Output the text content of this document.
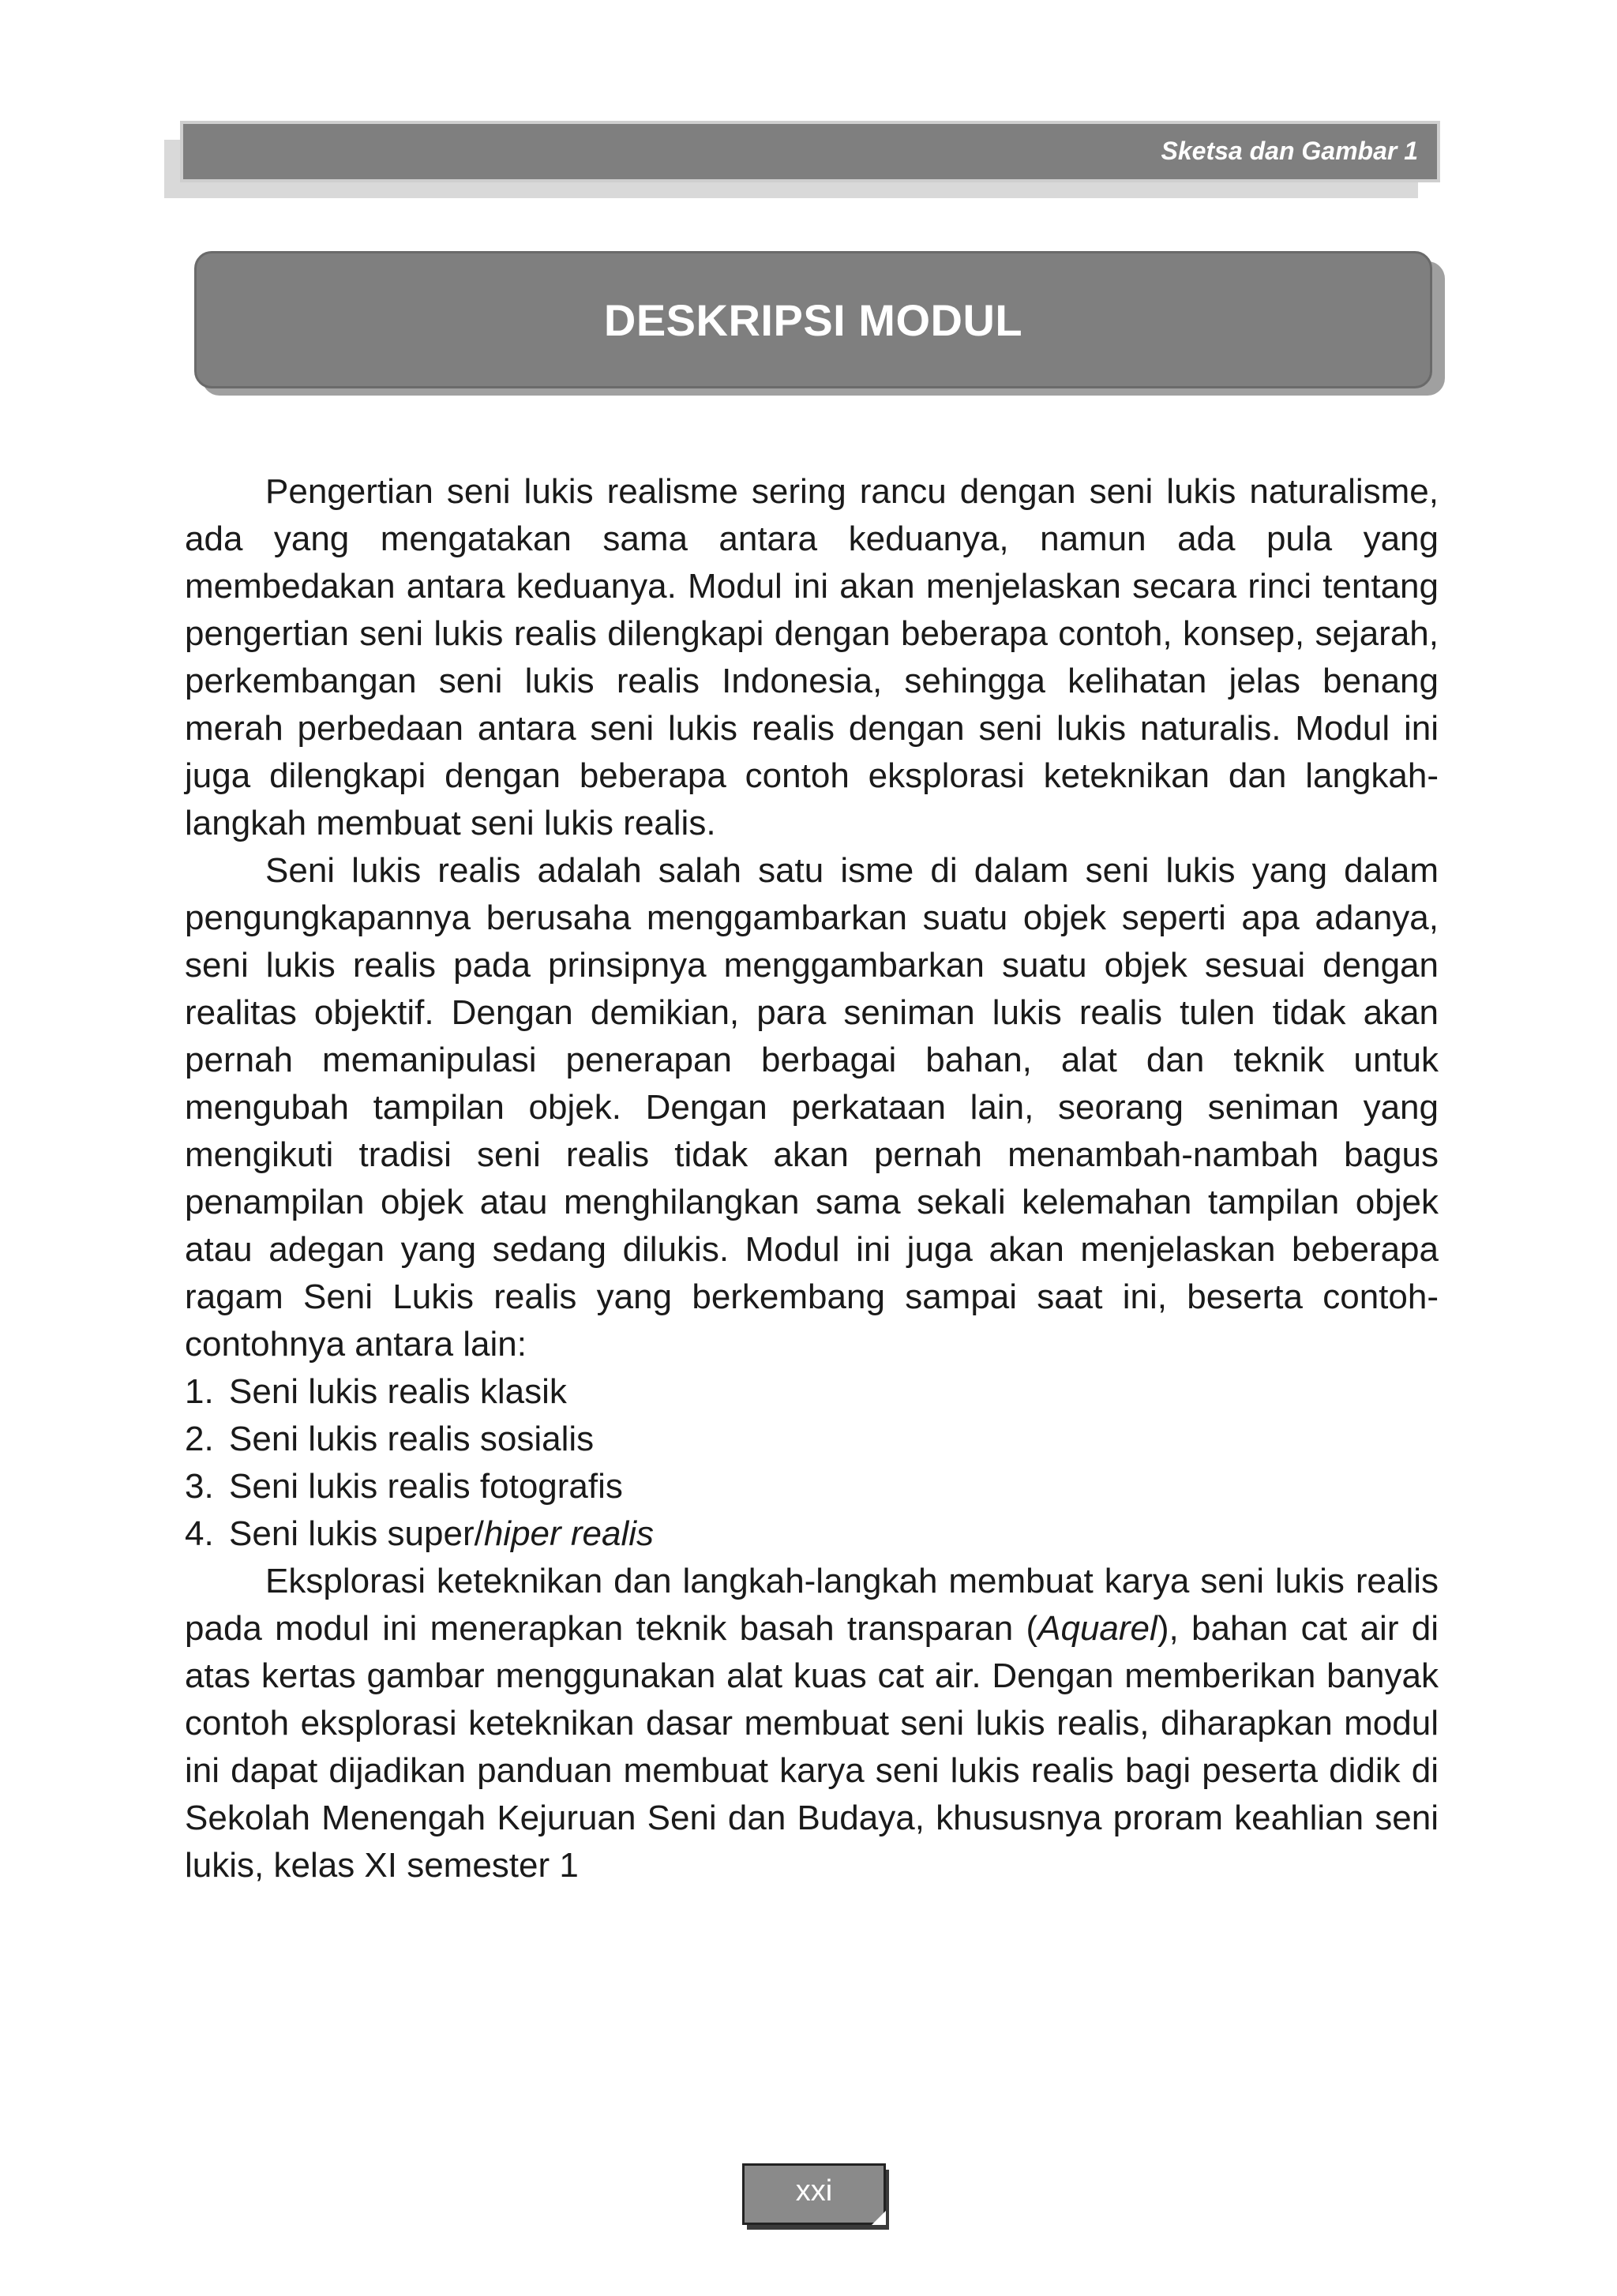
Sketsa dan Gambar 1
DESKRIPSI MODUL

Pengertian seni lukis realisme sering rancu dengan seni lukis naturalisme, ada yang mengatakan sama antara keduanya, namun ada pula yang membedakan antara keduanya. Modul ini akan menjelaskan secara rinci tentang pengertian seni lukis realis dilengkapi dengan beberapa contoh, konsep, sejarah, perkembangan seni lukis realis Indonesia, sehingga kelihatan jelas benang merah perbedaan antara seni lukis realis dengan seni lukis naturalis. Modul ini juga dilengkapi dengan beberapa contoh eksplorasi keteknikan dan langkah-langkah membuat seni lukis realis.

Seni lukis realis adalah salah satu isme di dalam seni lukis yang dalam pengungkapannya berusaha menggambarkan suatu objek seperti apa adanya, seni lukis realis pada prinsipnya menggambarkan suatu objek sesuai dengan realitas objektif. Dengan demikian, para seniman lukis realis tulen tidak akan pernah memanipulasi penerapan berbagai bahan, alat dan teknik untuk mengubah tampilan objek. Dengan perkataan lain, seorang seniman yang mengikuti tradisi seni realis tidak akan pernah menambah-nambah bagus penampilan objek atau menghilangkan sama sekali kelemahan tampilan objek atau adegan yang sedang dilukis. Modul ini juga akan menjelaskan beberapa ragam Seni Lukis realis yang berkembang sampai saat ini, beserta contoh-contohnya antara lain:

1. Seni lukis realis klasik
2. Seni lukis realis sosialis
3. Seni lukis realis fotografis
4. Seni lukis super/hiper realis

Eksplorasi keteknikan dan langkah-langkah membuat karya seni lukis realis pada modul ini menerapkan teknik basah transparan (Aquarel), bahan cat air di atas kertas gambar menggunakan alat kuas cat air. Dengan memberikan banyak contoh eksplorasi keteknikan dasar membuat seni lukis realis, diharapkan modul ini dapat dijadikan panduan membuat karya seni lukis realis bagi peserta didik di Sekolah Menengah Kejuruan Seni dan Budaya, khususnya proram keahlian seni lukis, kelas XI semester 1

xxi
